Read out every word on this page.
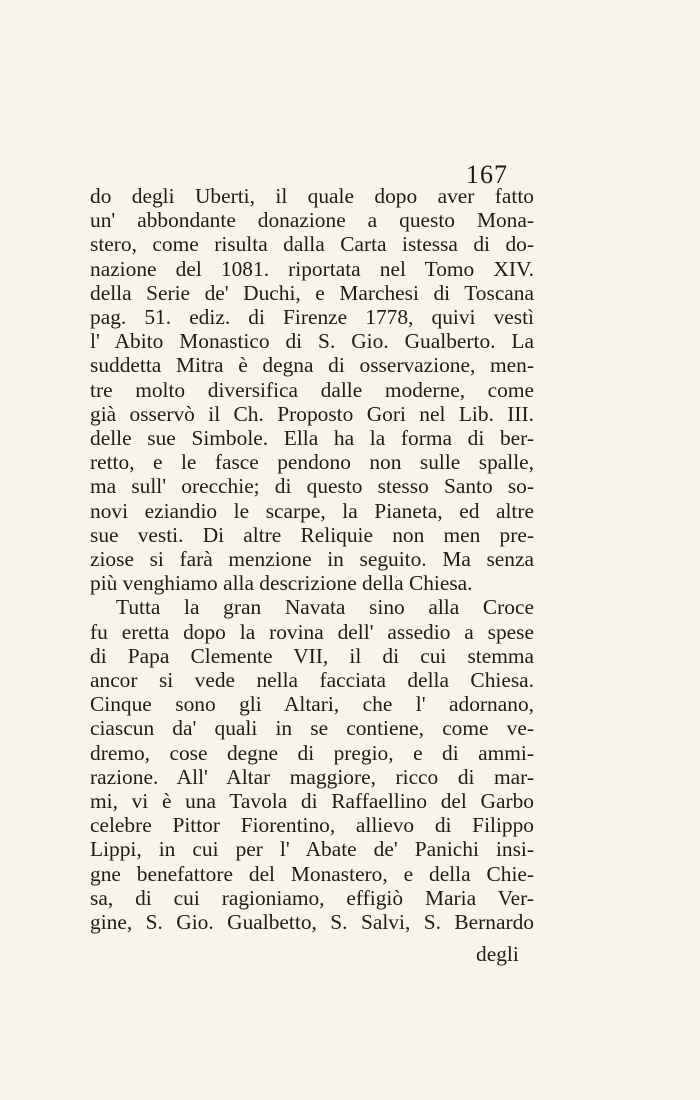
167
do degli Uberti, il quale dopo aver fatto
un' abbondante donazione a questo Mona-
stero, come risulta dalla Carta istessa di do-
nazione del 1081. riportata nel Tomo XIV.
della Serie de' Duchi, e Marchesi di Toscana
pag. 51. ediz. di Firenze 1778, quivi vestì
l' Abito Monastico di S. Gio. Gualberto. La
suddetta Mitra è degna di osservazione, men-
tre molto diversifica dalle moderne, come
già osservò il Ch. Proposto Gori nel Lib. III.
delle sue Simbole. Ella ha la forma di ber-
retto, e le fasce pendono non sulle spalle,
ma sull' orecchie; di questo stesso Santo so-
novi eziandio le scarpe, la Pianeta, ed altre
sue vesti. Di altre Reliquie non men pre-
ziose si farà menzione in seguito. Ma senza
più venghiamo alla descrizione della Chiesa.
Tutta la gran Navata sino alla Croce
fu eretta dopo la rovina dell' assedio a spese
di Papa Clemente VII, il di cui stemma
ancor si vede nella facciata della Chiesa.
Cinque sono gli Altari, che l' adornano,
ciascun da' quali in se contiene, come ve-
dremo, cose degne di pregio, e di ammi-
razione. All' Altar maggiore, ricco di mar-
mi, vi è una Tavola di Raffaellino del Garbo
celebre Pittor Fiorentino, allievo di Filippo
Lippi, in cui per l' Abate de' Panichi insi-
gne benefattore del Monastero, e della Chie-
sa, di cui ragioniamo, effigiò Maria Ver-
gine, S. Gio. Gualbetto, S. Salvi, S. Bernardo
degli
